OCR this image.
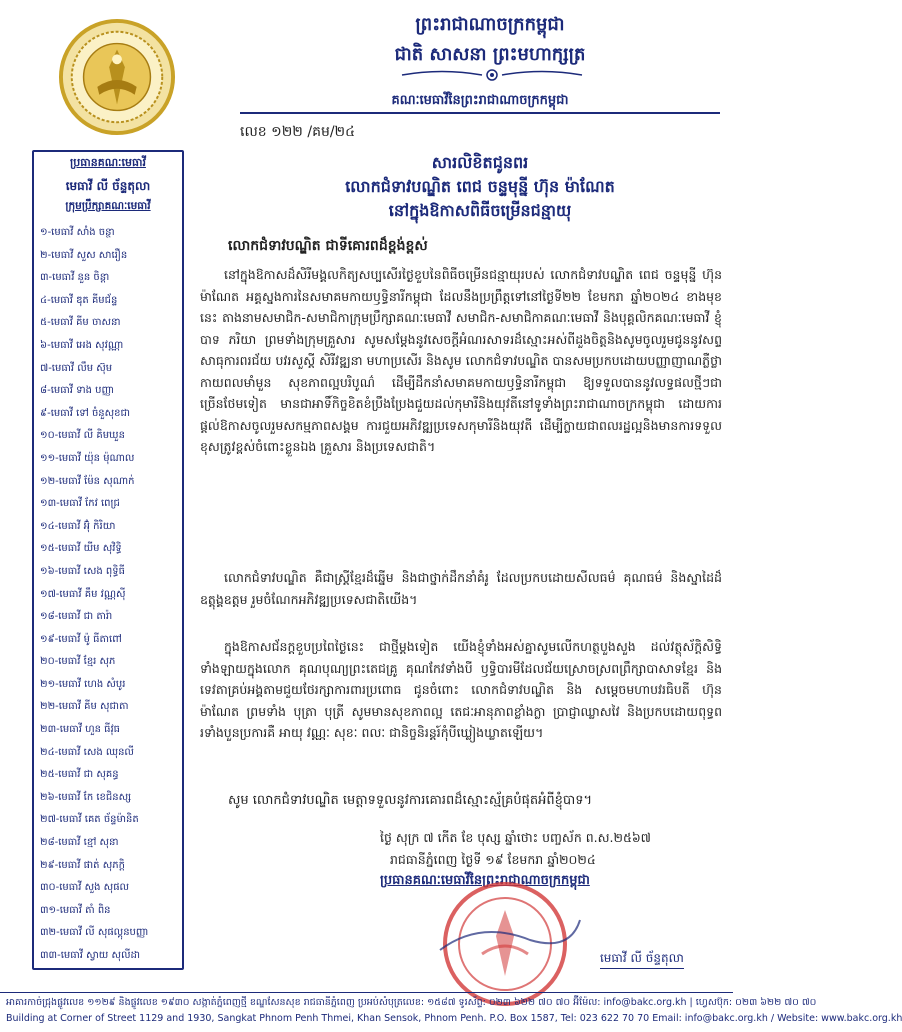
ព្រះរាជាណាចក្រកម្ពុជា
ជាតិ សាសនា ព្រះមហាក្សត្រ
គណៈមេធាវីនៃព្រះរាជាណាចក្រកម្ពុជា
លេខ ១២២ /គម/២៤
ប្រធានគណៈមេធាវី
មេធាវី លី ច័ន្ទតុលា
ក្រុមប្រឹក្សាគណៈមេធាវី
១-មេធាវី សាំង ចន្ថា
២-មេធាវី សួស សារឿន
៣-មេធាវី នួន ចិន្តា
៤-មេធាវី ឌុត គីមជ័ន្ទ
៥-មេធាវី គីម ចាសនា
៦-មេធាវី អេង សុវណ្ណា
៧-មេធាវី លឹម ស៊ុម
៨-មេធាវី ទាង បញ្ញា
៩-មេធាវី ទៅ ចំនួសុខជា
១០-មេធាវី លី គិមឃួន
១១-មេធាវី យ៉ុន ម៉ុណាល
១២-មេធាវី ម៉ែន សុណាក់
១៣-មេធាវី កែវ ពេជ្រ
១៤-មេធាវី អ៊ុំ កិរិយា
១៥-មេធាវី យីម សុវិទ្ធិ
១៦-មេធាវី សេង ពុទ្ធិធី
១៧-មេធាវី គឹម វណ្ណស៊ី
១៨-មេធាវី ជា តារ៉ា
១៩-មេធាវី ម៉ូ ធីតាពៅ
២០-មេធាវី ខ្មែរ សុភ
២១-មេធាវី ហេង សំបូរ
២២-មេធាវី គីម សុជាតា
២៣-មេធាវី ហួន ធីវុធ
២៤-មេធាវី សេង ឈុនលី
២៥-មេធាវី ជា សុគន្ធ
២៦-មេធាវី កែ ខេជិនស្ស
២៧-មេធាវី គេត ច័ន្ទម៉ានិត
២៨-មេធាវី ខ្មៅ សុនា
២៩-មេធាវី ផាត់ សុភក្តិ
៣០-មេធាវី សួង សុផល
៣១-មេធាវី តាំ ពិន
៣២-មេធាវី លី សុផល្គុនបញ្ញា
៣៣-មេធាវី ស្វាយ សុលីដា
សារលិខិតជូនពរ
លោកជំទាវបណ្ឌិត ពេជ ចន្ទមុន្នី ហ៊ុន ម៉ាណែត
នៅក្នុងឱកាសពិធីចម្រើនជន្មាយុ
លោកជំទាវបណ្ឌិត ជាទីគោរពដ៏ខ្ពង់ខ្ពស់
នៅក្នុងឱកាសដ៏សិរីមង្គលកិត្យសប្បសើរថ្ងៃខួបនៃពិធីចម្រើនជន្មាយុរបស់ លោកជំទាវបណ្ឌិត ពេជ ចន្ទមុន្នី ហ៊ុន ម៉ាណែត អគ្គស្នងការនៃសមាគមកាយឫទ្ធិនារីកម្ពុជា ដែលនឹងប្រព្រឹត្តទៅនៅថ្ងៃទី២២ ខែមករា ឆ្នាំ២០២៤ ខាងមុខនេះ តាងនាមសមាជិក-សមាជិកាក្រុមប្រឹក្សាគណៈមេធាវី សមាជិក-សមាជិកាគណៈមេធាវី និងបុគ្គលិកគណៈមេធាវី ខ្ញុំបាទ ភរិយា ព្រមទាំងក្រុមគ្រួសារ សូមសម្ដែងនូវសេចក្ដីអំណរសាទរដ៏ស្មោះអស់ពីដួងចិត្តនិងសូមចូលរួមជូននូវសព្ទសាធុការពរជ័យ បវរសួស្តី សិរីវឌ្ឍនា មហាប្រសើរ និងសូម លោកជំទាវបណ្ឌិត បានសមប្រកបដោយបញ្ញាញាណភ្លឺថ្លា កាយពលមាំមួន សុខភាពល្អបរិបូណ៌ ដើម្បីដឹកនាំសមាគមកាយឫទ្ធិនារីកម្ពុជា ឱ្យទទួលបាននូវលទ្ធផលថ្មីៗជាច្រើនថែមទៀត មានជាអាទិ៍កិច្ចខិតខំប្រឹងប្រែងជួយដល់កុមារីនិងយុវតីនៅទូទាំងព្រះរាជាណាចក្រកម្ពុជា ដោយការផ្ដល់ឱកាសចូលរួមសកម្មភាពសង្គម ការជួយអភិវឌ្ឍប្រទេសកុមារីនិងយុវតី ដើម្បីក្លាយជាពលរដ្ឋល្អនិងមានការទទួលខុសត្រូវខ្ពស់ចំពោះខ្លួនឯង គ្រួសារ និងប្រទេសជាតិ។
លោកជំទាវបណ្ឌិត គឺជាស្ត្រីខ្មែរដ៏ឆ្នើម និងជាថ្នាក់ដឹកនាំគំរូ ដែលប្រកបដោយសីលធម៌ គុណធម៌ និងស្នាដៃដ៏ឧត្ដុង្គឧត្ដម រួមចំណែកអភិវឌ្ឍប្រទេសជាតិយើង។
ក្នុងឱកាសជ័នក្ដខួបប្រពៃថ្ងៃនេះ ជាថ្មីម្ដងទៀត យើងខ្ញុំទាំងអស់គ្នាសូមលើកហត្ថបួងសួង ដល់វត្ថុស័ក្ដិសិទ្ធិទាំងឡាយក្នុងលោក គុណបុណ្យព្រះតេជគ្រូ គុណកែវទាំងបី ឫទ្ធិបារមីដែលជ័យស្រោចស្រពព្រឹក្សាបាសាទខ្មែរ និងទេវតាគ្រប់អង្គតាមជួយថែរក្សាការពារប្រពោធ ជូនចំពោះ លោកជំទាវបណ្ឌិត និង សម្ដេចមហាបវរធិបតី ហ៊ុន ម៉ាណែត ព្រមទាំង បុត្រា បុត្រី សូមមានសុខភាពល្អ តេជៈអានុភាពខ្លាំងក្លា ប្រាជ្ញាឈ្លាសវៃ និងប្រកបដោយពុទ្ធពរទាំងបួនប្រការគឺ អាយុ វណ្ណៈ សុខៈ ពលៈ ជានិច្ចនិរន្តរ៍កុំបីឃ្លៀងឃ្លាតឡើយ។
សូម លោកជំទាវបណ្ឌិត មេត្តាទទួលនូវការគោរពដ៏ស្មោះស្ម័គ្របំផុតអំពីខ្ញុំបាទ។
ថ្ងៃ សុក្រ ៧ កើត ខែ បុស្ស ឆ្នាំថោះ បញ្ចស័ក ព.ស.២៥៦៧
រាជធានីភ្នំពេញ ថ្ងៃទី ១៩ ខែមករា ឆ្នាំ២០២៤
ប្រធានគណៈមេធាវីនៃព្រះរាជាណាចក្រកម្ពុជា
មេធាវី លី ច័ន្ទតុលា
អាគារកាច់ជ្រុងផ្លូវលេខ ១១២៩ និងផ្លូវលេខ ១៩៣០ សង្កាត់ភ្នំពេញថ្មី ខណ្ឌសែនសុខ រាជធានីភ្នំពេញ ប្រអប់សំបុត្រលេខ: ១៥៨៧ ទូរស័ព្ទ: ០២៣ ៦២២ ៧០ ៧០ អ៊ីម៉ែល: info@bakc.org.kh | ហ្វេសប៊ុក: ០២៣ ៦២២ ៧០ ៧០
Building at Corner of Street 1129 and 1930, Sangkat Phnom Penh Thmei, Khan Sensok, Phnom Penh. P.O. Box 1587, Tel: 023 622 70 70 Email: info@bakc.org.kh / Website: www.bakc.org.kh
